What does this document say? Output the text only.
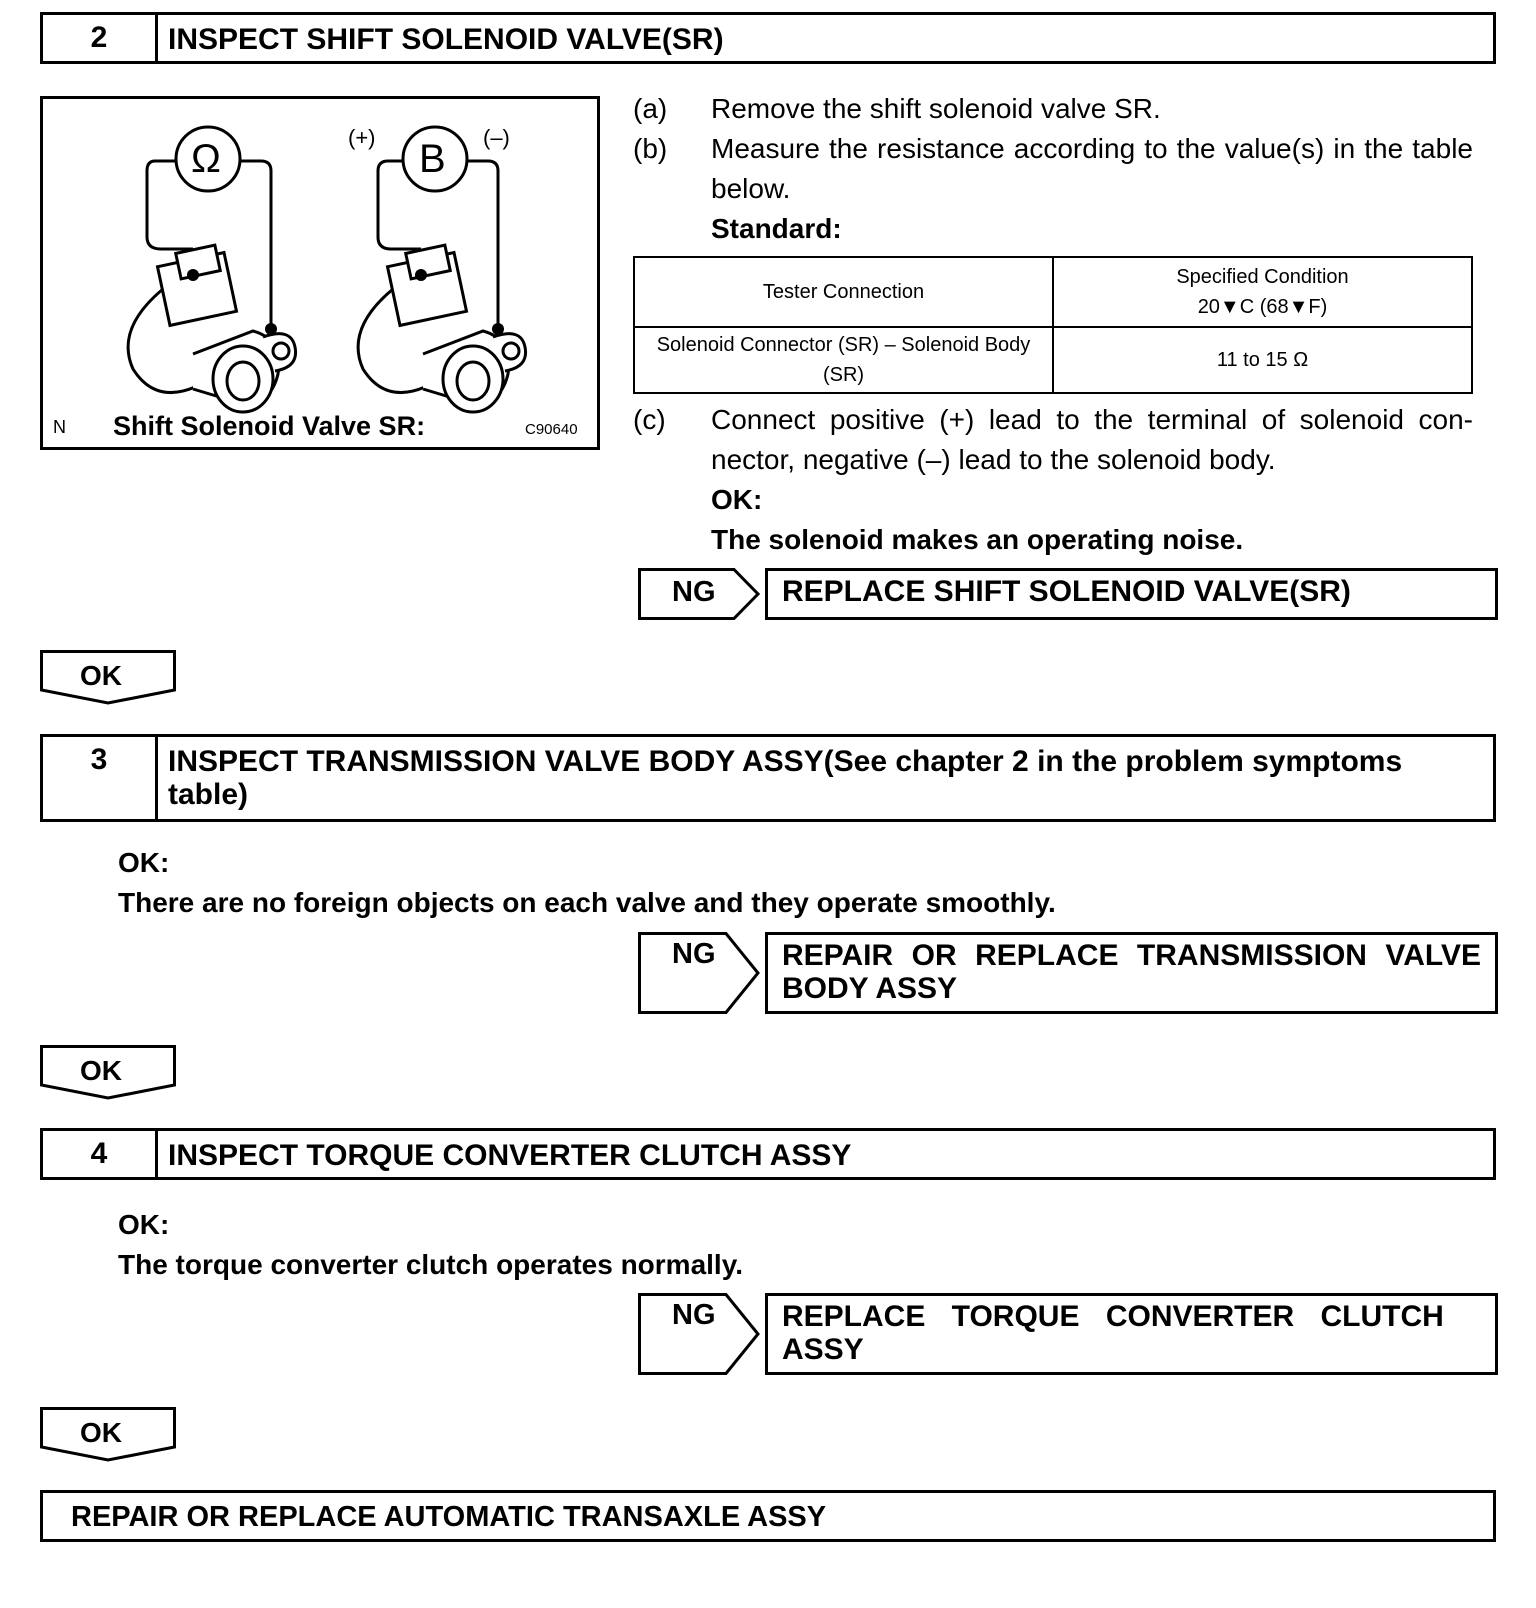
2	INSPECT SHIFT SOLENOID VALVE(SR)
Ω	B
(+)	(–)
N Shift Solenoid Valve SR:	C90640
(a)	Remove the shift solenoid valve SR.
(b)	Measure the resistance according to the value(s) in the table below.
Standard:
Tester Connection	Specified Condition
20▼C (68▼F)

Solenoid Connector (SR) – Solenoid Body (SR)	11 to 15 Ω
(c)	Connect positive (+) lead to the terminal of solenoid con- nector, negative (–) lead to the solenoid body.
OK:
The solenoid makes an operating noise.
NG	REPLACE SHIFT SOLENOID VALVE(SR)
OK
3	INSPECT TRANSMISSION VALVE BODY ASSY(See chapter 2 in the problem symptoms table)
OK:
There are no foreign objects on each valve and they operate smoothly.
NG	REPAIR OR REPLACE TRANSMISSION VALVE BODY ASSY
OK
4	INSPECT TORQUE CONVERTER CLUTCH ASSY
OK:
The torque converter clutch operates normally.
NG	REPLACE TORQUE CONVERTER CLUTCH ASSY
OK
REPAIR OR REPLACE AUTOMATIC TRANSAXLE ASSY
